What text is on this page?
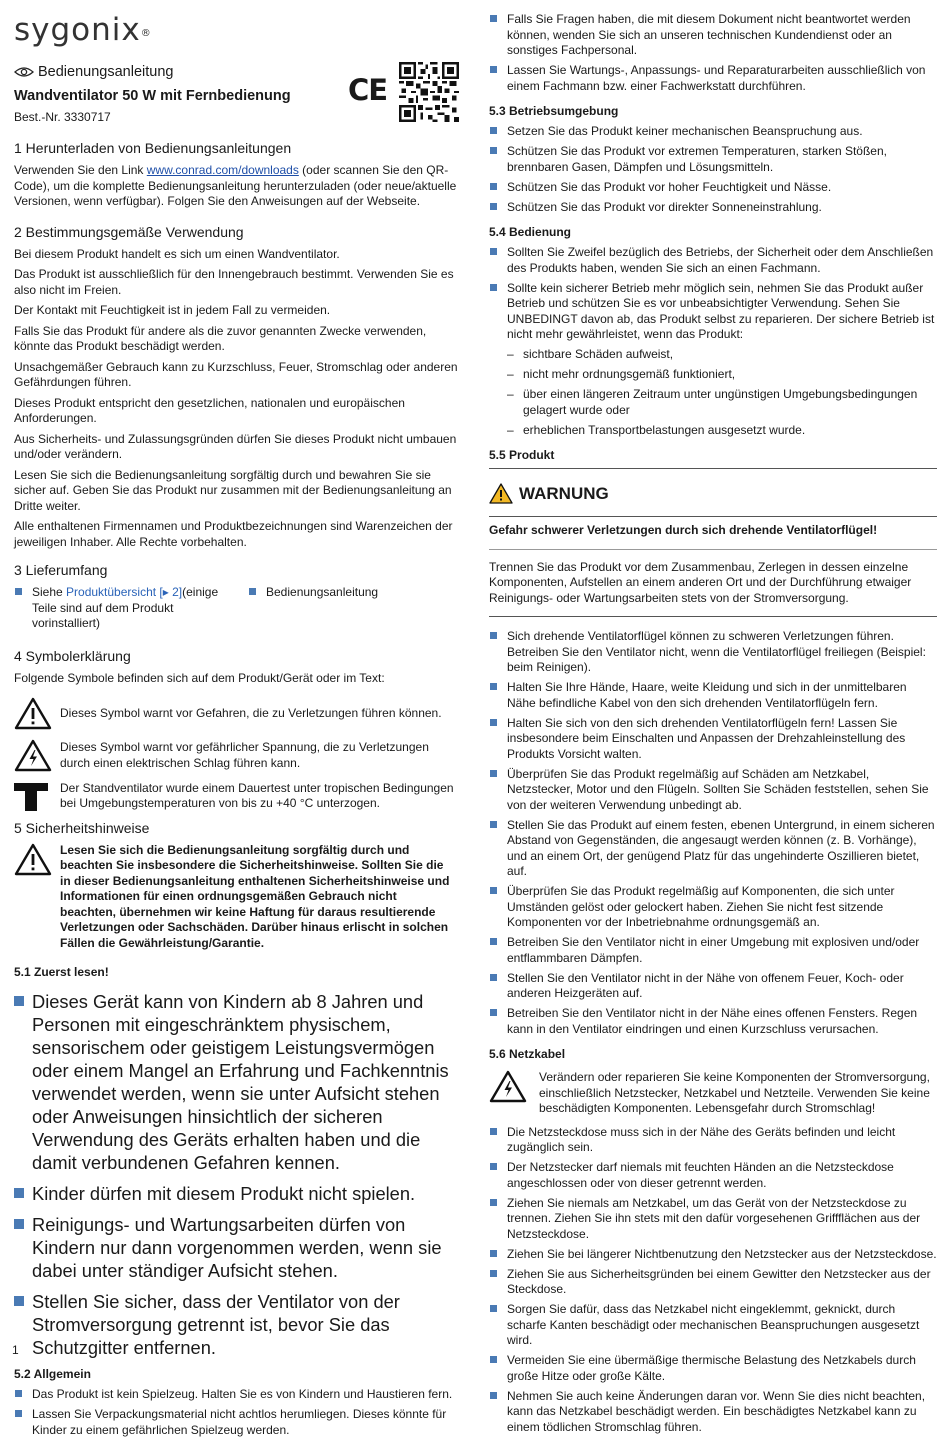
sygonix®
Bedienungsanleitung
Wandventilator 50 W mit Fernbedienung
Best.-Nr. 3330717
CE
1 Herunterladen von Bedienungsanleitungen

Verwenden Sie den Link www.conrad.com/downloads (oder scannen Sie den QR-Code), um die komplette Bedienungsanleitung herunterzuladen (oder neue/aktuelle Versionen, wenn verfügbar). Folgen Sie den Anweisungen auf der Webseite.

2 Bestimmungsgemäße Verwendung

Bei diesem Produkt handelt es sich um einen Wandventilator.

Das Produkt ist ausschließlich für den Innengebrauch bestimmt. Verwenden Sie es also nicht im Freien.

Der Kontakt mit Feuchtigkeit ist in jedem Fall zu vermeiden.

Falls Sie das Produkt für andere als die zuvor genannten Zwecke verwenden, könnte das Produkt beschädigt werden.

Unsachgemäßer Gebrauch kann zu Kurzschluss, Feuer, Stromschlag oder anderen Gefährdungen führen.

Dieses Produkt entspricht den gesetzlichen, nationalen und europäischen Anforderungen.

Aus Sicherheits- und Zulassungsgründen dürfen Sie dieses Produkt nicht umbauen und/oder verändern.

Lesen Sie sich die Bedienungsanleitung sorgfältig durch und bewahren Sie sie sicher auf. Geben Sie das Produkt nur zusammen mit der Bedienungsanleitung an Dritte weiter.

Alle enthaltenen Firmennamen und Produktbezeichnungen sind Warenzeichen der jeweiligen Inhaber. Alle Rechte vorbehalten.

3 Lieferumfang
Siehe Produktübersicht [▸ 2](einige Teile sind auf dem Produkt vorinstalliert)
Bedienungsanleitung
4 Symbolerklärung

Folgende Symbole befinden sich auf dem Produkt/Gerät oder im Text:

Dieses Symbol warnt vor Gefahren, die zu Verletzungen führen können.
Dieses Symbol warnt vor gefährlicher Spannung, die zu Verletzungen durch einen elektrischen Schlag führen kann.
Der Standventilator wurde einem Dauertest unter tropischen Bedingungen bei Umgebungstemperaturen von bis zu +40 °C unterzogen.
5 Sicherheitshinweise
Lesen Sie sich die Bedienungsanleitung sorgfältig durch und beachten Sie insbesondere die Sicherheitshinweise. Sollten Sie die in dieser Bedienungsanleitung enthaltenen Sicherheitshinweise und Informationen für einen ordnungsgemäßen Gebrauch nicht beachten, übernehmen wir keine Haftung für daraus resultierende Verletzungen oder Sachschäden. Darüber hinaus erlischt in solchen Fällen die Gewährleistung/Garantie.
5.1 Zuerst lesen!
Dieses Gerät kann von Kindern ab 8 Jahren und Personen mit eingeschränktem physischem, sensorischem oder geistigem Leistungsvermögen oder einem Mangel an Erfahrung und Fachkenntnis verwendet werden, wenn sie unter Aufsicht stehen oder Anweisungen hinsichtlich der sicheren Verwendung des Geräts erhalten haben und die damit verbundenen Gefahren kennen.
Kinder dürfen mit diesem Produkt nicht spielen.
Reinigungs- und Wartungsarbeiten dürfen von Kindern nur dann vorgenommen werden, wenn sie dabei unter ständiger Aufsicht stehen.
Stellen Sie sicher, dass der Ventilator von der Stromversorgung getrennt ist, bevor Sie das Schutzgitter entfernen.
5.2 Allgemein
Das Produkt ist kein Spielzeug. Halten Sie es von Kindern und Haustieren fern.
Lassen Sie Verpackungsmaterial nicht achtlos herumliegen. Dieses könnte für Kinder zu einem gefährlichen Spielzeug werden.
Falls Sie Fragen haben, die mit diesem Dokument nicht beantwortet werden können, wenden Sie sich an unseren technischen Kundendienst oder an sonstiges Fachpersonal.
Lassen Sie Wartungs-, Anpassungs- und Reparaturarbeiten ausschließlich von einem Fachmann bzw. einer Fachwerkstatt durchführen.
5.3 Betriebsumgebung
Setzen Sie das Produkt keiner mechanischen Beanspruchung aus.
Schützen Sie das Produkt vor extremen Temperaturen, starken Stößen, brennbaren Gasen, Dämpfen und Lösungsmitteln.
Schützen Sie das Produkt vor hoher Feuchtigkeit und Nässe.
Schützen Sie das Produkt vor direkter Sonneneinstrahlung.
5.4 Bedienung
Sollten Sie Zweifel bezüglich des Betriebs, der Sicherheit oder dem Anschließen des Produkts haben, wenden Sie sich an einen Fachmann.
Sollte kein sicherer Betrieb mehr möglich sein, nehmen Sie das Produkt außer Betrieb und schützen Sie es vor unbeabsichtigter Verwendung. Sehen Sie UNBEDINGT davon ab, das Produkt selbst zu reparieren. Der sichere Betrieb ist nicht mehr gewährleistet, wenn das Produkt:
– sichtbare Schäden aufweist,
– nicht mehr ordnungsgemäß funktioniert,
– über einen längeren Zeitraum unter ungünstigen Umgebungsbedingungen gelagert wurde oder
– erheblichen Transportbelastungen ausgesetzt wurde.
5.5 Produkt
WARNUNG

Gefahr schwerer Verletzungen durch sich drehende Ventilatorflügel!

Trennen Sie das Produkt vor dem Zusammenbau, Zerlegen in dessen einzelne Komponenten, Aufstellen an einem anderen Ort und der Durchführung etwaiger Reinigungs- oder Wartungsarbeiten stets von der Stromversorgung.

Sich drehende Ventilatorflügel können zu schweren Verletzungen führen. Betreiben Sie den Ventilator nicht, wenn die Ventilatorflügel freiliegen (Beispiel: beim Reinigen).
Halten Sie Ihre Hände, Haare, weite Kleidung und sich in der unmittelbaren Nähe befindliche Kabel von den sich drehenden Ventilatorflügeln fern.
Halten Sie sich von den sich drehenden Ventilatorflügeln fern! Lassen Sie insbesondere beim Einschalten und Anpassen der Drehzahleinstellung des Produkts Vorsicht walten.
Überprüfen Sie das Produkt regelmäßig auf Schäden am Netzkabel, Netzstecker, Motor und den Flügeln. Sollten Sie Schäden feststellen, sehen Sie von der weiteren Verwendung unbedingt ab.
Stellen Sie das Produkt auf einem festen, ebenen Untergrund, in einem sicheren Abstand von Gegenständen, die angesaugt werden können (z. B. Vorhänge), und an einem Ort, der genügend Platz für das ungehinderte Oszillieren bietet, auf.
Überprüfen Sie das Produkt regelmäßig auf Komponenten, die sich unter Umständen gelöst oder gelockert haben. Ziehen Sie nicht fest sitzende Komponenten vor der Inbetriebnahme ordnungsgemäß an.
Betreiben Sie den Ventilator nicht in einer Umgebung mit explosiven und/oder entflammbaren Dämpfen.
Stellen Sie den Ventilator nicht in der Nähe von offenem Feuer, Koch- oder anderen Heizgeräten auf.
Betreiben Sie den Ventilator nicht in der Nähe eines offenen Fensters. Regen kann in den Ventilator eindringen und einen Kurzschluss verursachen.
5.6 Netzkabel
Verändern oder reparieren Sie keine Komponenten der Stromversorgung, einschließlich Netzstecker, Netzkabel und Netzteile. Verwenden Sie keine beschädigten Komponenten. Lebensgefahr durch Stromschlag!
Die Netzsteckdose muss sich in der Nähe des Geräts befinden und leicht zugänglich sein.
Der Netzstecker darf niemals mit feuchten Händen an die Netzsteckdose angeschlossen oder von dieser getrennt werden.
Ziehen Sie niemals am Netzkabel, um das Gerät von der Netzsteckdose zu trennen. Ziehen Sie ihn stets mit den dafür vorgesehenen Griffflächen aus der Netzsteckdose.
Ziehen Sie bei längerer Nichtbenutzung den Netzstecker aus der Netzsteckdose.
Ziehen Sie aus Sicherheitsgründen bei einem Gewitter den Netzstecker aus der Steckdose.
Sorgen Sie dafür, dass das Netzkabel nicht eingeklemmt, geknickt, durch scharfe Kanten beschädigt oder mechanischen Beanspruchungen ausgesetzt wird.
Vermeiden Sie eine übermäßige thermische Belastung des Netzkabels durch große Hitze oder große Kälte.
Nehmen Sie auch keine Änderungen daran vor. Wenn Sie dies nicht beachten, kann das Netzkabel beschädigt werden. Ein beschädigtes Netzkabel kann zu einem tödlichen Stromschlag führen.
1
